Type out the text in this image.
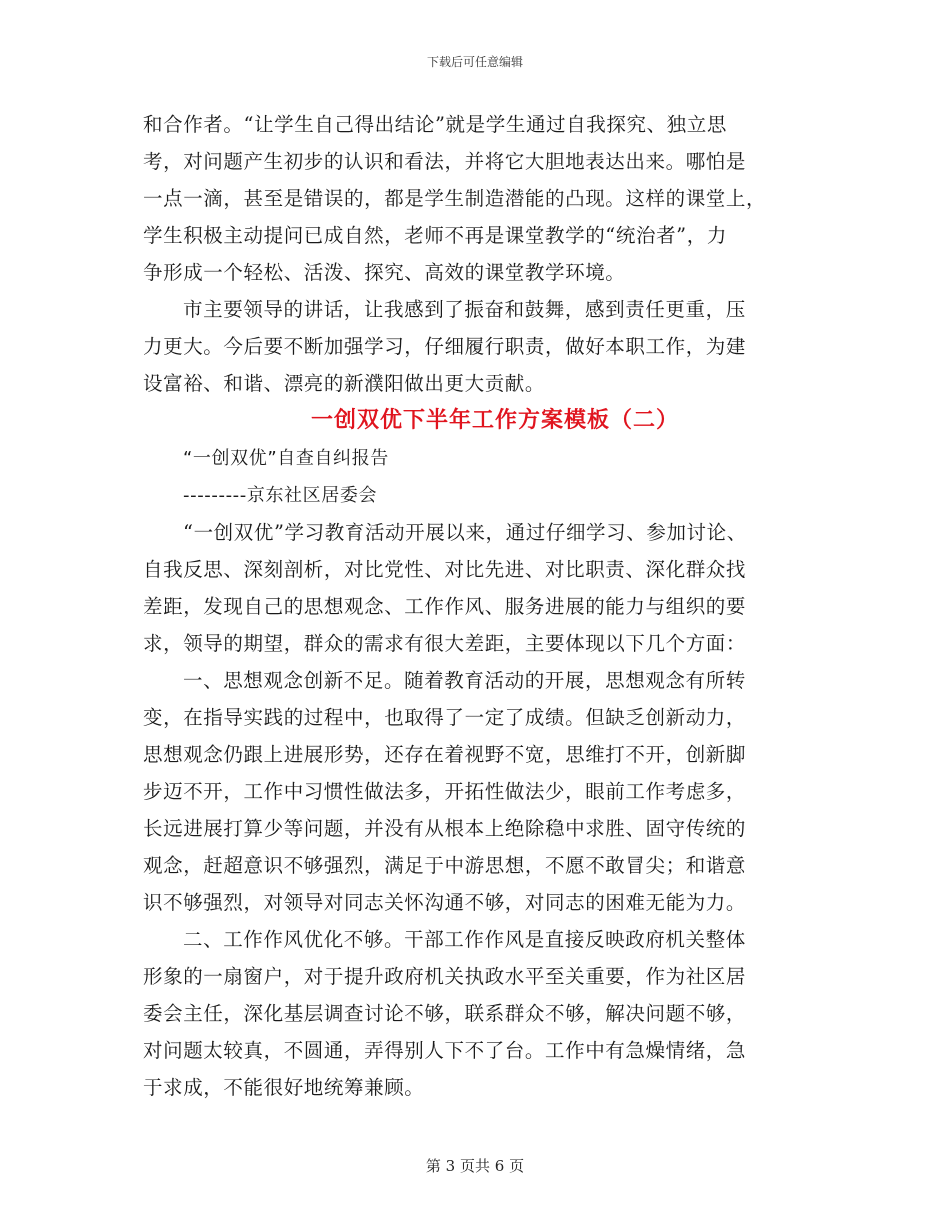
下载后可任意编辑
和合作者。“让学生自己得出结论”就是学生通过自我探究、独立思
考，对问题产生初步的认识和看法，并将它大胆地表达出来。哪怕是
一点一滴，甚至是错误的，都是学生制造潜能的凸现。这样的课堂上，
学生积极主动提问已成自然，老师不再是课堂教学的“统治者”，力
争形成一个轻松、活泼、探究、高效的课堂教学环境。
市主要领导的讲话，让我感到了振奋和鼓舞，感到责任更重，压
力更大。今后要不断加强学习，仔细履行职责，做好本职工作，为建
设富裕、和谐、漂亮的新濮阳做出更大贡献。
一创双优下半年工作方案模板（二）
“一创双优”自查自纠报告
---------京东社区居委会
“一创双优”学习教育活动开展以来，通过仔细学习、参加讨论、
自我反思、深刻剖析，对比党性、对比先进、对比职责、深化群众找
差距，发现自己的思想观念、工作作风、服务进展的能力与组织的要
求，领导的期望，群众的需求有很大差距，主要体现以下几个方面：
一、思想观念创新不足。随着教育活动的开展，思想观念有所转
变，在指导实践的过程中，也取得了一定了成绩。但缺乏创新动力，
思想观念仍跟上进展形势，还存在着视野不宽，思维打不开，创新脚
步迈不开，工作中习惯性做法多，开拓性做法少，眼前工作考虑多，
长远进展打算少等问题，并没有从根本上绝除稳中求胜、固守传统的
观念，赶超意识不够强烈，满足于中游思想，不愿不敢冒尖；和谐意
识不够强烈，对领导对同志关怀沟通不够，对同志的困难无能为力。
二、工作作风优化不够。干部工作作风是直接反映政府机关整体
形象的一扇窗户，对于提升政府机关执政水平至关重要，作为社区居
委会主任，深化基层调查讨论不够，联系群众不够，解决问题不够，
对问题太较真，不圆通，弄得别人下不了台。工作中有急燥情绪，急
于求成，不能很好地统筹兼顾。
第 3 页共 6 页
